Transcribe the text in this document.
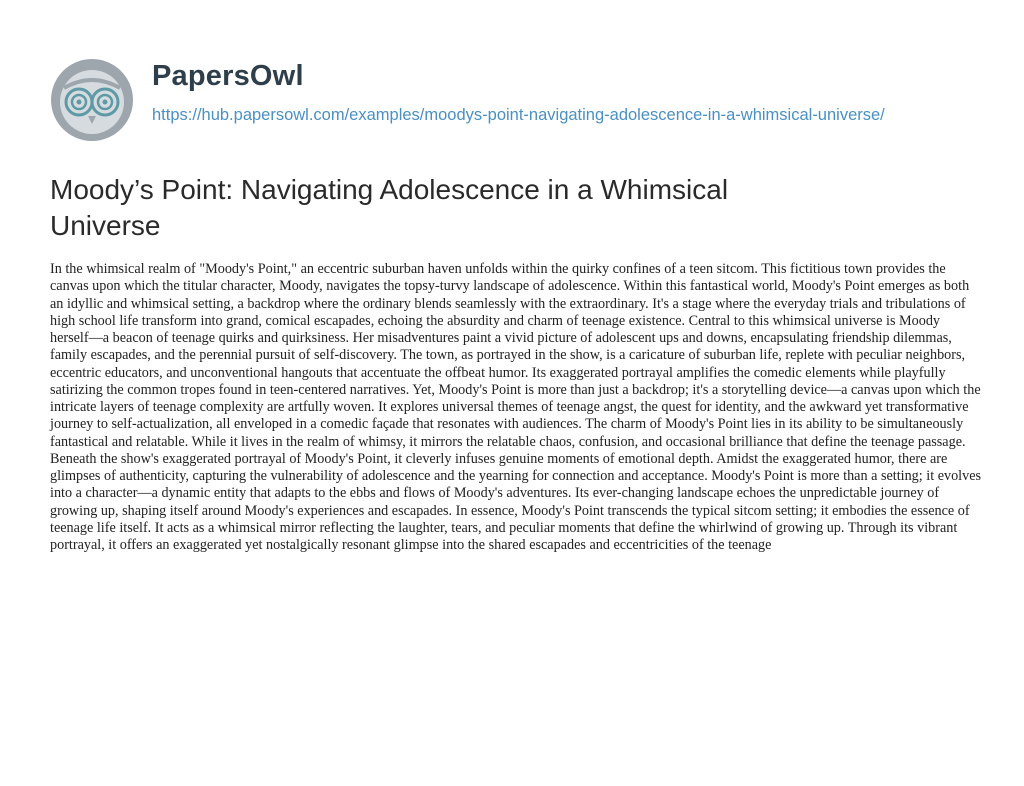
PapersOwl
https://hub.papersowl.com/examples/moodys-point-navigating-adolescence-in-a-whimsical-universe/
Moody’s Point: Navigating Adolescence in a Whimsical Universe

In the whimsical realm of "Moody's Point," an eccentric suburban haven unfolds within the quirky confines of a teen sitcom. This fictitious town provides the canvas upon which the titular character, Moody, navigates the topsy-turvy landscape of adolescence. Within this fantastical world, Moody's Point emerges as both an idyllic and whimsical setting, a backdrop where the ordinary blends seamlessly with the extraordinary. It's a stage where the everyday trials and tribulations of high school life transform into grand, comical escapades, echoing the absurdity and charm of teenage existence. Central to this whimsical universe is Moody herself—a beacon of teenage quirks and quirksiness. Her misadventures paint a vivid picture of adolescent ups and downs, encapsulating friendship dilemmas, family escapades, and the perennial pursuit of self-discovery. The town, as portrayed in the show, is a caricature of suburban life, replete with peculiar neighbors, eccentric educators, and unconventional hangouts that accentuate the offbeat humor. Its exaggerated portrayal amplifies the comedic elements while playfully satirizing the common tropes found in teen-centered narratives. Yet, Moody's Point is more than just a backdrop; it's a storytelling device—a canvas upon which the intricate layers of teenage complexity are artfully woven. It explores universal themes of teenage angst, the quest for identity, and the awkward yet transformative journey to self-actualization, all enveloped in a comedic façade that resonates with audiences. The charm of Moody's Point lies in its ability to be simultaneously fantastical and relatable. While it lives in the realm of whimsy, it mirrors the relatable chaos, confusion, and occasional brilliance that define the teenage passage. Beneath the show's exaggerated portrayal of Moody's Point, it cleverly infuses genuine moments of emotional depth. Amidst the exaggerated humor, there are glimpses of authenticity, capturing the vulnerability of adolescence and the yearning for connection and acceptance. Moody's Point is more than a setting; it evolves into a character—a dynamic entity that adapts to the ebbs and flows of Moody's adventures. Its ever-changing landscape echoes the unpredictable journey of growing up, shaping itself around Moody's experiences and escapades. In essence, Moody's Point transcends the typical sitcom setting; it embodies the essence of teenage life itself. It acts as a whimsical mirror reflecting the laughter, tears, and peculiar moments that define the whirlwind of growing up. Through its vibrant portrayal, it offers an exaggerated yet nostalgically resonant glimpse into the shared escapades and eccentricities of the teenage
